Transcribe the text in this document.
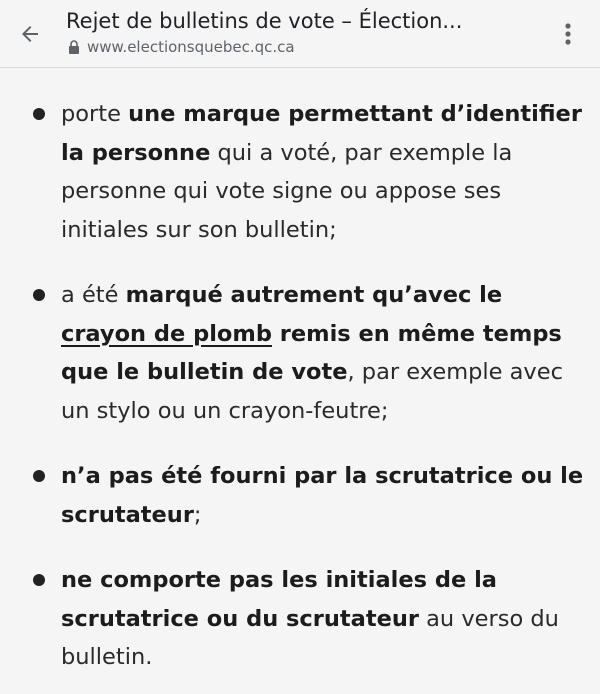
Rejet de bulletins de vote – Élection...
www.electionsquebec.qc.ca
porte une marque permettant d’identifier la personne qui a voté, par exemple la personne qui vote signe ou appose ses initiales sur son bulletin;
a été marqué autrement qu’avec le crayon de plomb remis en même temps que le bulletin de vote, par exemple avec un stylo ou un crayon-feutre;
n’a pas été fourni par la scrutatrice ou le scrutateur;
ne comporte pas les initiales de la scrutatrice ou du scrutateur au verso du bulletin.
